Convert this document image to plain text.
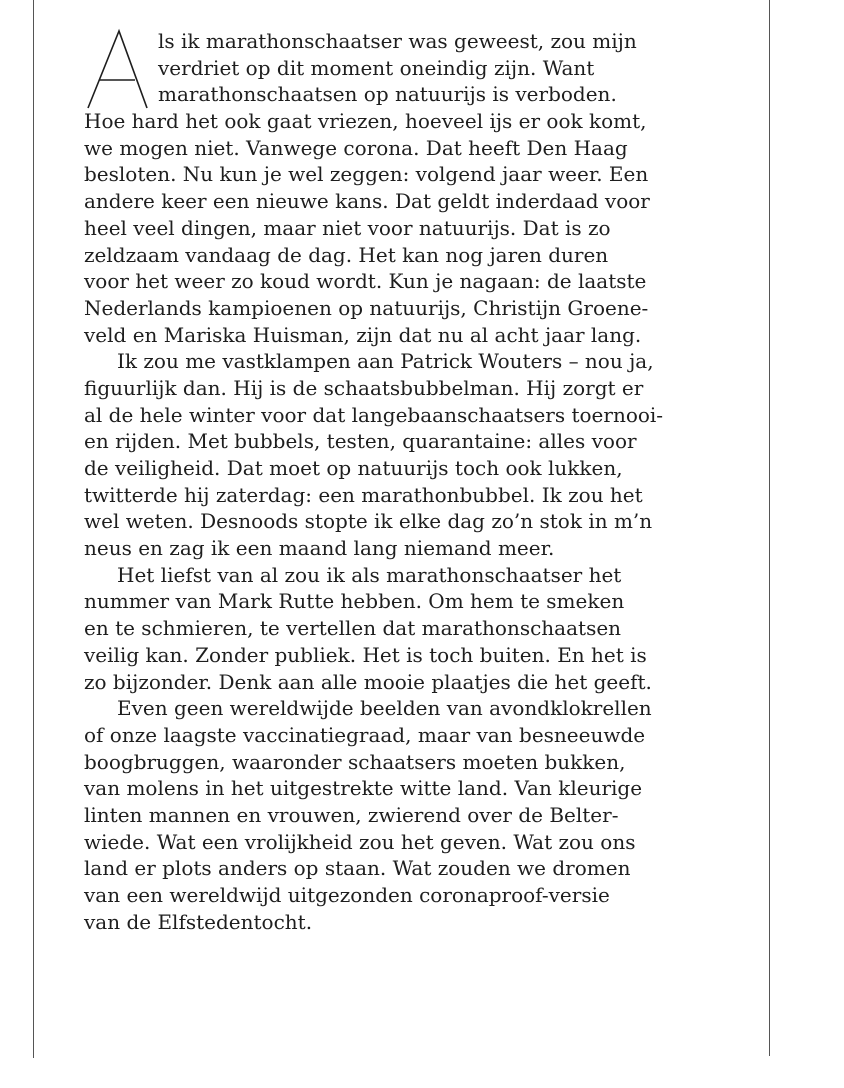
ls ik marathonschaatser was geweest, zou mijn
verdriet op dit moment oneindig zijn. Want
marathonschaatsen op natuurijs is verboden.
Hoe hard het ook gaat vriezen, hoeveel ijs er ook komt,
we mogen niet. Vanwege corona. Dat heeft Den Haag
besloten. Nu kun je wel zeggen: volgend jaar weer. Een
andere keer een nieuwe kans. Dat geldt inderdaad voor
heel veel dingen, maar niet voor natuurijs. Dat is zo
zeldzaam vandaag de dag. Het kan nog jaren duren
voor het weer zo koud wordt. Kun je nagaan: de laatste
Nederlands kampioenen op natuurijs, Christijn Groene-
veld en Mariska Huisman, zijn dat nu al acht jaar lang.
Ik zou me vastklampen aan Patrick Wouters – nou ja,
figuurlijk dan. Hij is de schaatsbubbelman. Hij zorgt er
al de hele winter voor dat langebaanschaatsers toernooi-
en rijden. Met bubbels, testen, quarantaine: alles voor
de veiligheid. Dat moet op natuurijs toch ook lukken,
twitterde hij zaterdag: een marathonbubbel. Ik zou het
wel weten. Desnoods stopte ik elke dag zo’n stok in m’n
neus en zag ik een maand lang niemand meer.
Het liefst van al zou ik als marathonschaatser het
nummer van Mark Rutte hebben. Om hem te smeken
en te schmieren, te vertellen dat marathonschaatsen
veilig kan. Zonder publiek. Het is toch buiten. En het is
zo bijzonder. Denk aan alle mooie plaatjes die het geeft.
Even geen wereldwijde beelden van avondklokrellen
of onze laagste vaccinatiegraad, maar van besneeuwde
boogbruggen, waaronder schaatsers moeten bukken,
van molens in het uitgestrekte witte land. Van kleurige
linten mannen en vrouwen, zwierend over de Belter-
wiede. Wat een vrolijkheid zou het geven. Wat zou ons
land er plots anders op staan. Wat zouden we dromen
van een wereldwijd uitgezonden coronaproof-versie
van de Elfstedentocht.
